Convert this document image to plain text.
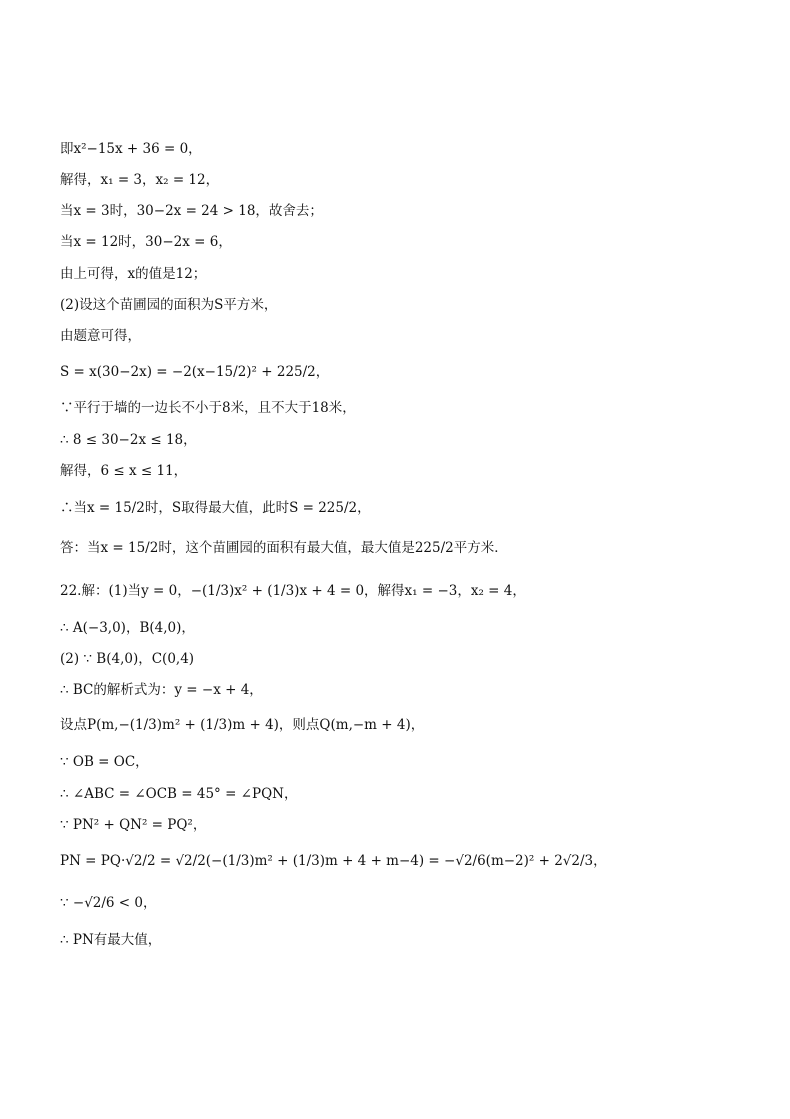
即x²−15x + 36 = 0，
解得，x₁ = 3，x₂ = 12，
当x = 3时，30−2x = 24 > 18，故舍去；
当x = 12时，30−2x = 6，
由上可得，x的值是12；
(2)设这个苗圃园的面积为S平方米，
由题意可得，
S = x(30−2x) = −2(x−15/2)² + 225/2，
∵平行于墙的一边长不小于8米，且不大于18米，
∴ 8 ≤ 30−2x ≤ 18，
解得，6 ≤ x ≤ 11，
∴当x = 15/2时，S取得最大值，此时S = 225/2，
答：当x = 15/2时，这个苗圃园的面积有最大值，最大值是225/2平方米．
22.解：(1)当y = 0，−(1/3)x² + (1/3)x + 4 = 0，解得x₁ = −3，x₂ = 4，
∴ A(−3,0)，B(4,0)，
(2) ∵ B(4,0)，C(0,4)
∴ BC的解析式为：y = −x + 4，
设点P(m,−(1/3)m² + (1/3)m + 4)，则点Q(m,−m + 4)，
∵ OB = OC，
∴ ∠ABC = ∠OCB = 45° = ∠PQN，
∵ PN² + QN² = PQ²，
PN = PQ·√2/2 = √2/2(−(1/3)m² + (1/3)m + 4 + m−4) = −√2/6(m−2)² + 2√2/3，
∵ −√2/6 < 0，
∴ PN有最大值，
